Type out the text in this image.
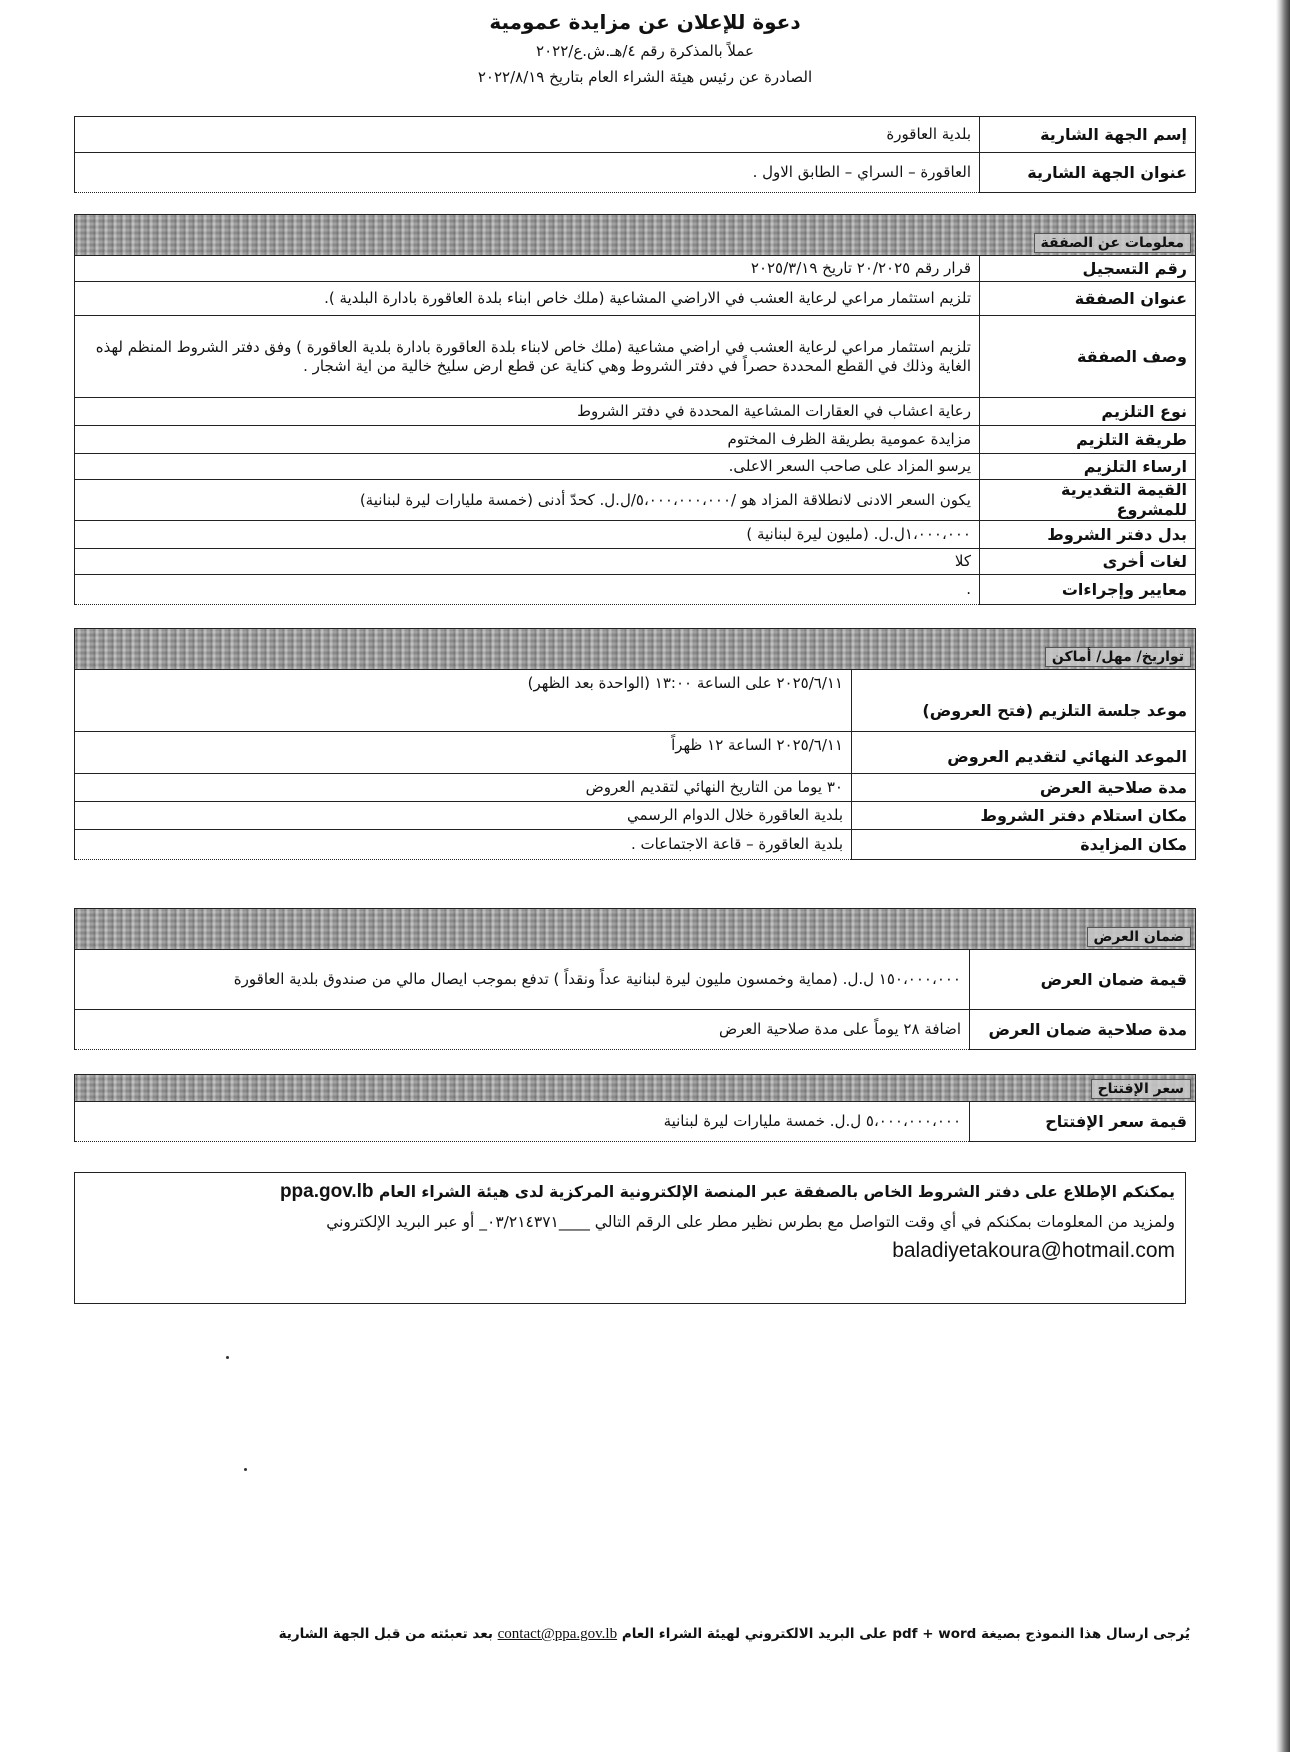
دعوة للإعلان عن مزايدة عمومية
عملاً بالمذكرة رقم ٤/هـ.ش.ع/٢٠٢٢
الصادرة عن رئيس هيئة الشراء العام بتاريخ ٢٠٢٢/٨/١٩
إسم الجهة الشارية	بلدية العاقورة
عنوان الجهة الشارية	العاقورة – السراي – الطابق الاول .
معلومات عن الصفقة	

رقم التسجيل	قرار رقم ٢٠/٢٠٢٥ تاريخ ٢٠٢٥/٣/١٩
عنوان الصفقة	تلزيم استثمار مراعي لرعاية العشب في الاراضي المشاعية (ملك خاص ابناء بلدة العاقورة بادارة البلدية ).
وصف الصفقة	تلزيم استثمار مراعي لرعاية العشب في اراضي مشاعية (ملك خاص لابناء بلدة العاقورة بادارة بلدية العاقورة ) وفق دفتر الشروط المنظم لهذه الغاية وذلك في القطع المحددة حصراً في دفتر الشروط وهي كناية عن قطع ارض سليخ خالية من اية اشجار .
نوع التلزيم	رعاية اعشاب في العقارات المشاعية المحددة في دفتر الشروط
طريقة التلزيم	مزايدة عمومية بطريقة الظرف المختوم
ارساء التلزيم	يرسو المزاد على صاحب السعر الاعلى.
القيمة التقديرية للمشروع	يكون السعر الادنى لانطلاقة المزاد هو /٥،٠٠٠،٠٠٠،٠٠٠/ل.ل. كحدّ أدنى (خمسة مليارات ليرة لبنانية)
بدل دفتر الشروط	١،٠٠٠،٠٠٠ل.ل. (مليون ليرة لبنانية )
لغات أخرى	كلا
معايير وإجراءات	.
تواريخ/ مهل/ أماكن	

موعد جلسة التلزيم (فتح العروض)	٢٠٢٥/٦/١١ على الساعة ١٣:٠٠ (الواحدة بعد الظهر)
الموعد النهائي لتقديم العروض	٢٠٢٥/٦/١١ الساعة ١٢ ظهراً
مدة صلاحية العرض	٣٠ يوما من التاريخ النهائي لتقديم العروض
مكان استلام دفتر الشروط	بلدية العاقورة خلال الدوام الرسمي
مكان المزايدة	بلدية العاقورة – قاعة الاجتماعات .
ضمان العرض	

قيمة ضمان العرض	١٥٠،٠٠٠،٠٠٠ ل.ل. (مماية وخمسون مليون ليرة لبنانية عداً ونقداً ) تدفع بموجب ايصال مالي من صندوق بلدية العاقورة
مدة صلاحية ضمان العرض	اضافة ٢٨ يوماً على مدة صلاحية العرض
سعر الإفتتاح

قيمة سعر الإفتتاح	٥،٠٠٠،٠٠٠،٠٠٠ ل.ل. خمسة مليارات ليرة لبنانية
يمكنكم الإطلاع على دفتر الشروط الخاص بالصفقة عبر المنصة الإلكترونية المركزية لدى هيئة الشراء العام ppa.gov.lb
ولمزيد من المعلومات بمكنكم في أي وقت التواصل مع بطرس نظير مطر على الرقم التالي ____٠٣/٢١٤٣٧١_ أو عبر البريد الإلكتروني
baladiyetakoura@hotmail.com
يُرجى ارسال هذا النموذج بصيغة pdf + word على البريد الالكتروني لهيئة الشراء العام contact@ppa.gov.lb بعد تعبئته من قبل الجهة الشارية
